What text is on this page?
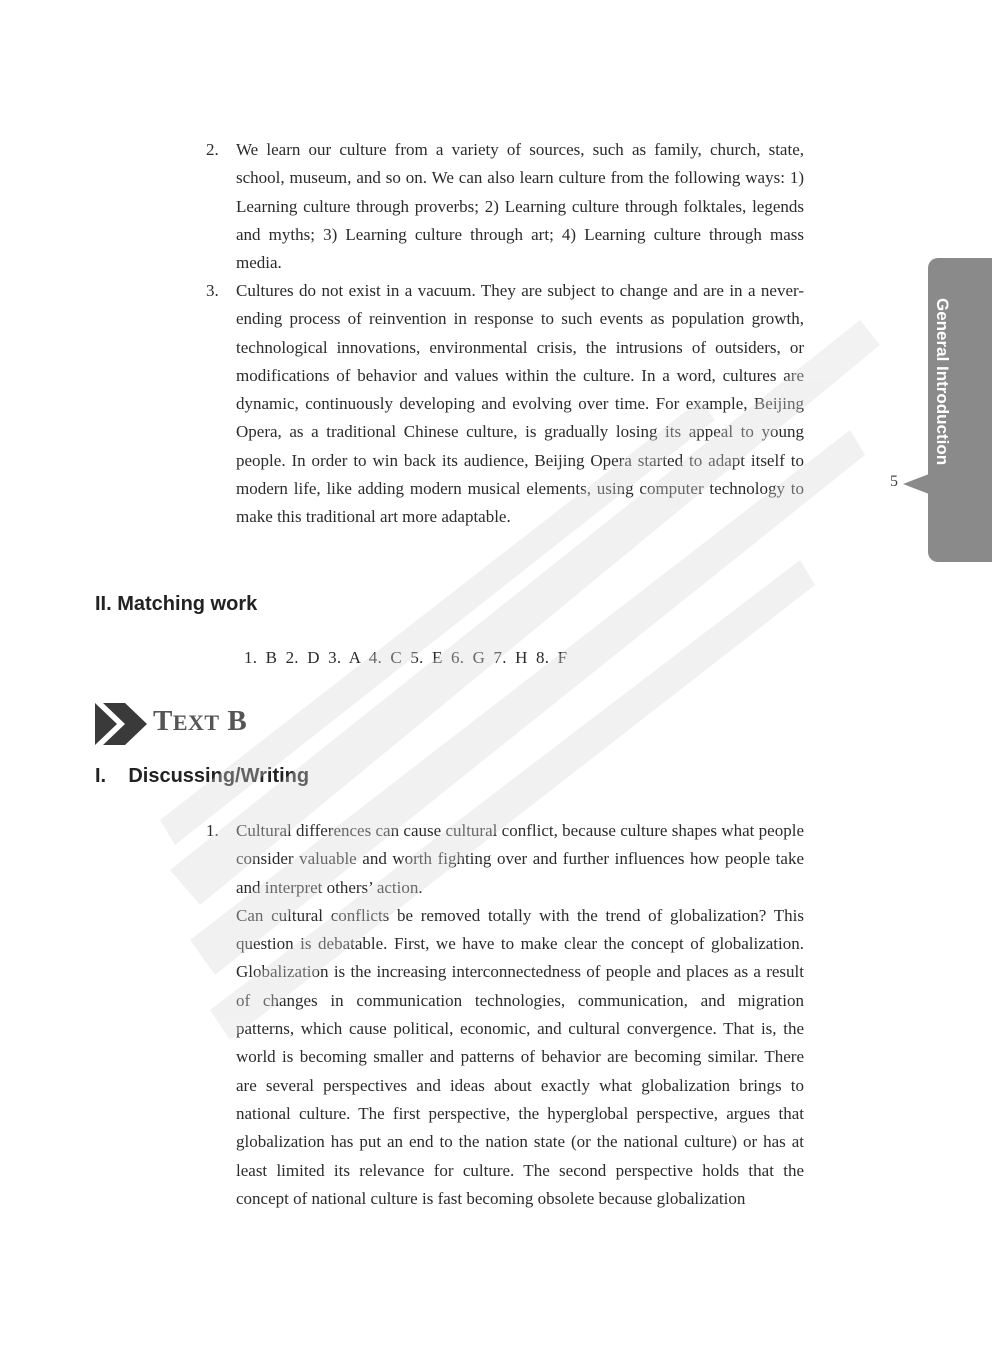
2.	We learn our culture from a variety of sources, such as family, church, state, school, museum, and so on. We can also learn culture from the following ways: 1) Learning culture through proverbs; 2) Learning culture through folktales, legends and myths; 3) Learning culture through art; 4) Learning culture through mass media.

3.	Cultures do not exist in a vacuum. They are subject to change and are in a never-ending process of reinvention in response to such events as population growth, technological innovations, environmental crisis, the intrusions of outsiders, or modifications of behavior and values within the culture. In a word, cultures are dynamic, continuously developing and evolving over time. For example, Beijing Opera, as a traditional Chinese culture, is gradually losing its appeal to young people. In order to win back its audience, Beijing Opera started to adapt itself to modern life, like adding modern musical elements, using computer technology to make this traditional art more adaptable.

II. Matching work
1. B 2. D 3. A 4. C 5. E 6. G 7. H 8. F
TEXT B
I.    Discussing/Writing
1.	Cultural differences can cause cultural conflict, because culture shapes what people consider valuable and worth fighting over and further influences how people take and interpret others’ action.

Can cultural conflicts be removed totally with the trend of globalization? This question is debatable. First, we have to make clear the concept of globalization. Globalization is the increasing interconnectedness of people and places as a result of changes in communication technologies, communication, and migration patterns, which cause political, economic, and cultural convergence. That is, the world is becoming smaller and patterns of behavior are becoming similar. There are several perspectives and ideas about exactly what globalization brings to national culture. The first perspective, the hyperglobal perspective, argues that globalization has put an end to the nation state (or the national culture) or has at least limited its relevance for culture. The second perspective holds that the concept of national culture is fast becoming obsolete because globalization

General Introduction
5
